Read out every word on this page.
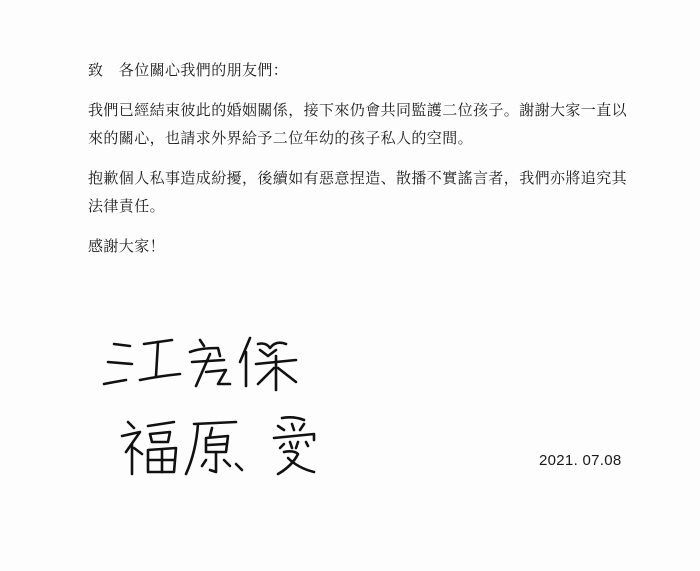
致　各位關心我們的朋友們：

我們已經結束彼此的婚姻關係，接下來仍會共同監護二位孩子。謝謝大家一直以

來的關心，也請求外界給予二位年幼的孩子私人的空間。

抱歉個人私事造成紛擾，後續如有惡意捏造、散播不實謠言者，我們亦將追究其

法律責任。

感謝大家！

2021. 07.08
